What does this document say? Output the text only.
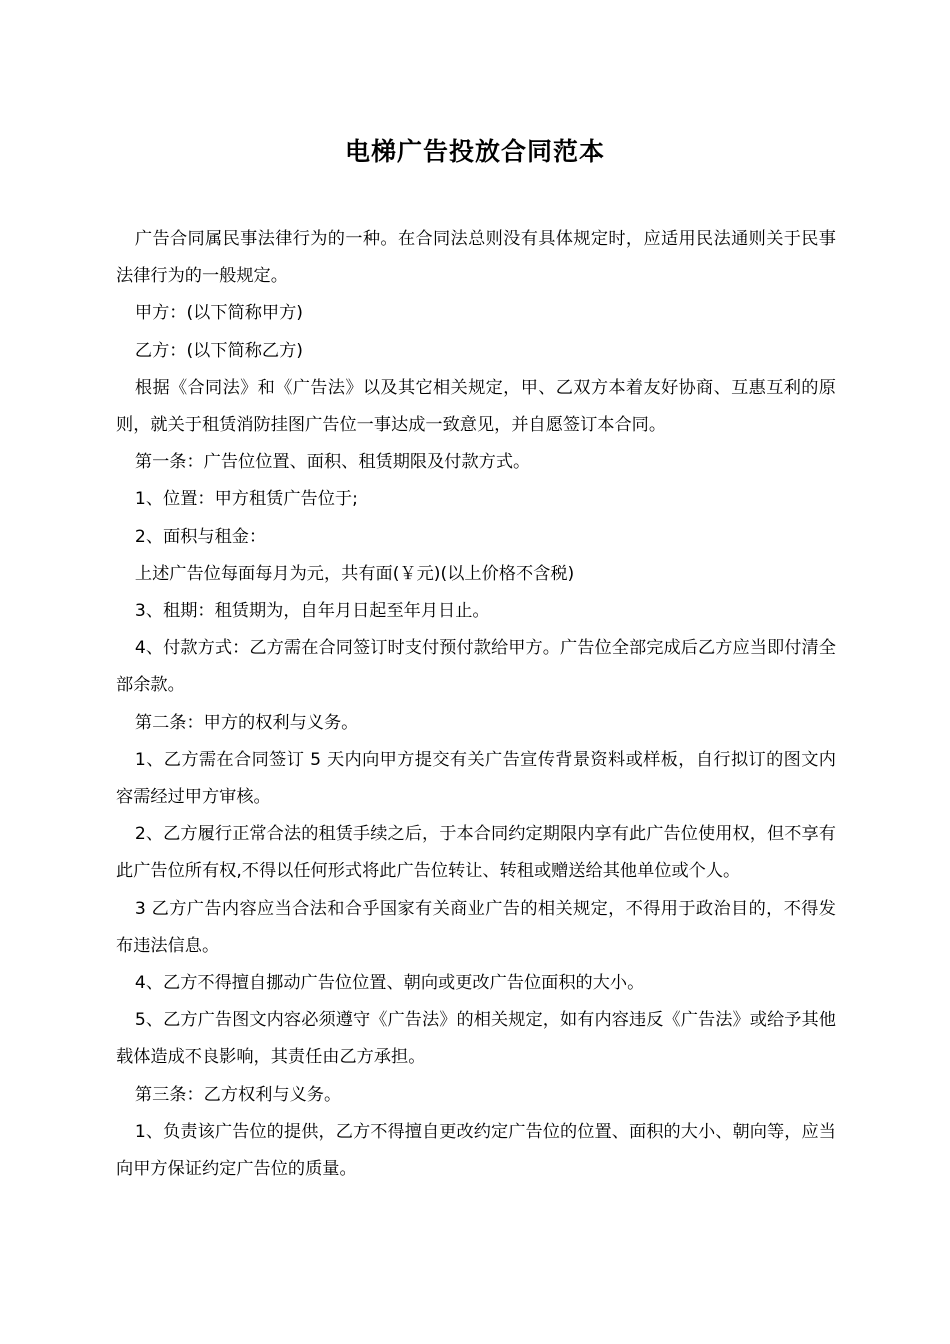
电梯广告投放合同范本

广告合同属民事法律行为的一种。在合同法总则没有具体规定时，应适用民法通则关于民事法律行为的一般规定。

甲方：(以下简称甲方)

乙方：(以下简称乙方)

根据《合同法》和《广告法》以及其它相关规定，甲、乙双方本着友好协商、互惠互利的原则，就关于租赁消防挂图广告位一事达成一致意见，并自愿签订本合同。

第一条：广告位位置、面积、租赁期限及付款方式。

1、位置：甲方租赁广告位于;

2、面积与租金：

上述广告位每面每月为元，共有面(￥元)(以上价格不含税)

3、租期：租赁期为，自年月日起至年月日止。

4、付款方式：乙方需在合同签订时支付预付款给甲方。广告位全部完成后乙方应当即付清全部余款。

第二条：甲方的权利与义务。

1、乙方需在合同签订 5 天内向甲方提交有关广告宣传背景资料或样板，自行拟订的图文内容需经过甲方审核。

2、乙方履行正常合法的租赁手续之后，于本合同约定期限内享有此广告位使用权，但不享有此广告位所有权,不得以任何形式将此广告位转让、转租或赠送给其他单位或个人。

3 乙方广告内容应当合法和合乎国家有关商业广告的相关规定，不得用于政治目的，不得发布违法信息。

4、乙方不得擅自挪动广告位位置、朝向或更改广告位面积的大小。

5、乙方广告图文内容必须遵守《广告法》的相关规定，如有内容违反《广告法》或给予其他载体造成不良影响，其责任由乙方承担。

第三条：乙方权利与义务。

1、负责该广告位的提供，乙方不得擅自更改约定广告位的位置、面积的大小、朝向等，应当向甲方保证约定广告位的质量。
